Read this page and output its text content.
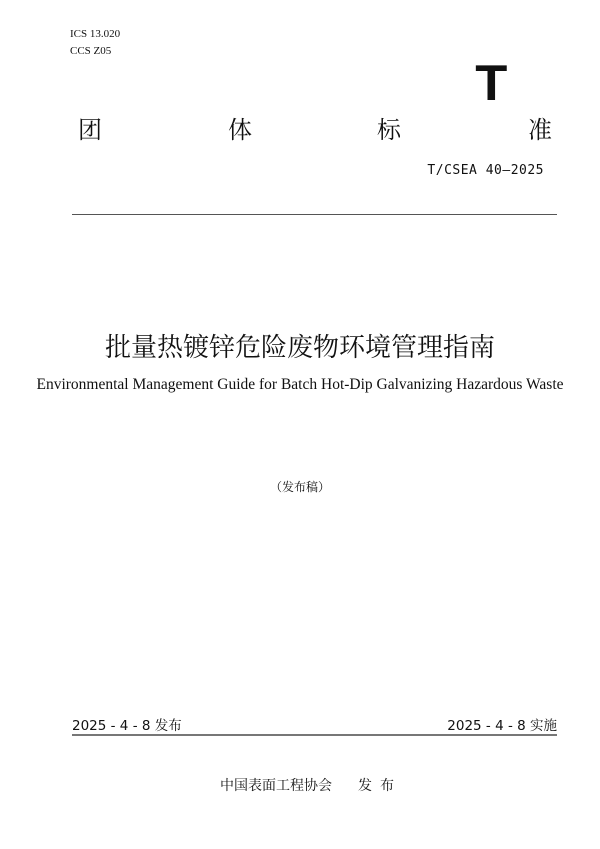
ICS 13.020
CCS Z05
T
团	体	标	准
T/CSEA 40—2025
批量热镀锌危险废物环境管理指南
Environmental Management Guide for Batch Hot-Dip Galvanizing Hazardous Waste
（发布稿）
2025 - 4 - 8 发布	2025 - 4 - 8 实施
中国表面工程协会 发布
